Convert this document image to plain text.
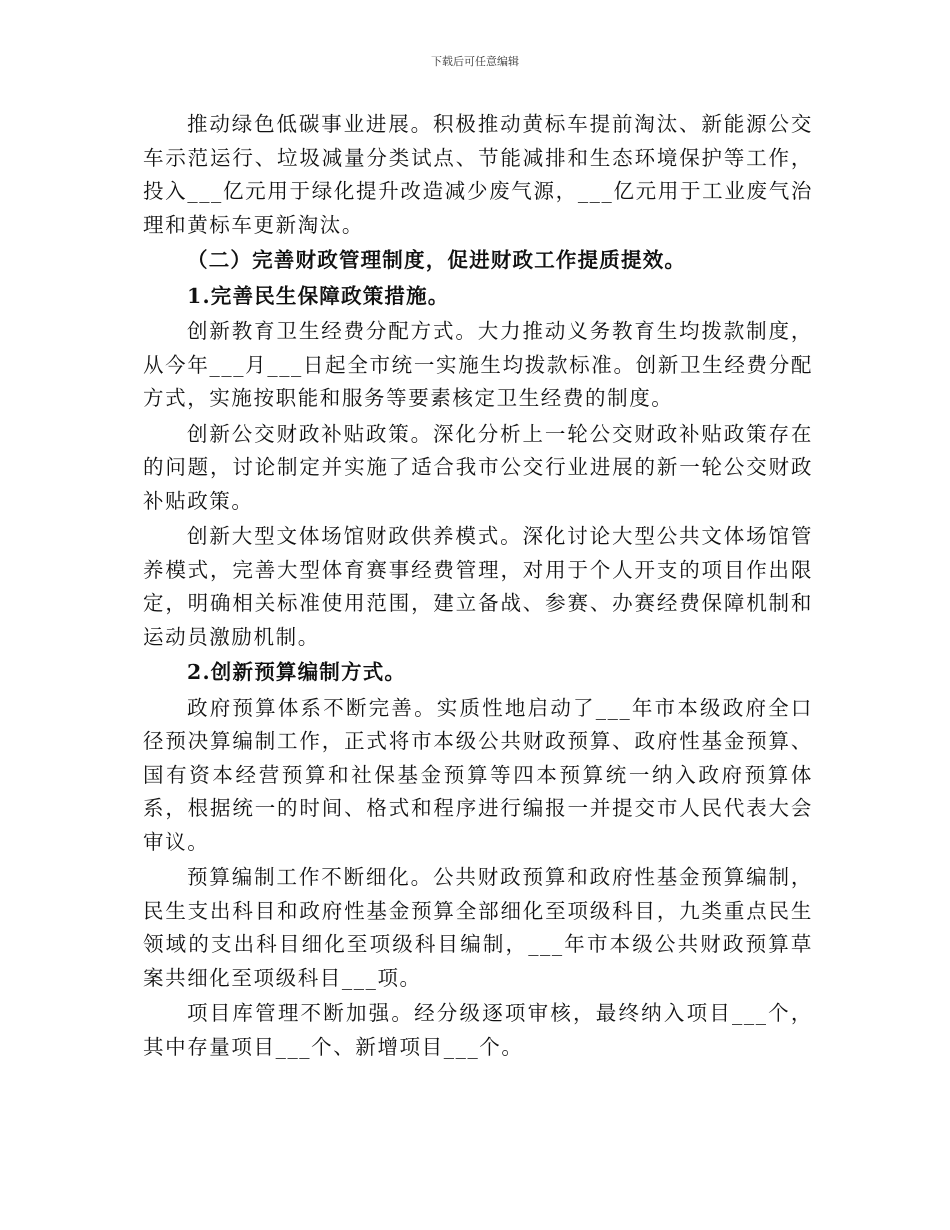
下载后可任意编辑

推动绿色低碳事业进展。积极推动黄标车提前淘汰、新能源公交车示范运行、垃圾减量分类试点、节能减排和生态环境保护等工作，投入___亿元用于绿化提升改造减少废气源，___亿元用于工业废气治理和黄标车更新淘汰。

（二）完善财政管理制度，促进财政工作提质提效。

1.完善民生保障政策措施。

创新教育卫生经费分配方式。大力推动义务教育生均拨款制度，从今年___月___日起全市统一实施生均拨款标准。创新卫生经费分配方式，实施按职能和服务等要素核定卫生经费的制度。

创新公交财政补贴政策。深化分析上一轮公交财政补贴政策存在的问题，讨论制定并实施了适合我市公交行业进展的新一轮公交财政补贴政策。

创新大型文体场馆财政供养模式。深化讨论大型公共文体场馆管养模式，完善大型体育赛事经费管理，对用于个人开支的项目作出限定，明确相关标准使用范围，建立备战、参赛、办赛经费保障机制和运动员激励机制。

2.创新预算编制方式。

政府预算体系不断完善。实质性地启动了___年市本级政府全口径预决算编制工作，正式将市本级公共财政预算、政府性基金预算、国有资本经营预算和社保基金预算等四本预算统一纳入政府预算体系，根据统一的时间、格式和程序进行编报一并提交市人民代表大会审议。

预算编制工作不断细化。公共财政预算和政府性基金预算编制，民生支出科目和政府性基金预算全部细化至项级科目，九类重点民生领域的支出科目细化至项级科目编制，___年市本级公共财政预算草案共细化至项级科目___项。

项目库管理不断加强。经分级逐项审核，最终纳入项目___个，其中存量项目___个、新增项目___个。
